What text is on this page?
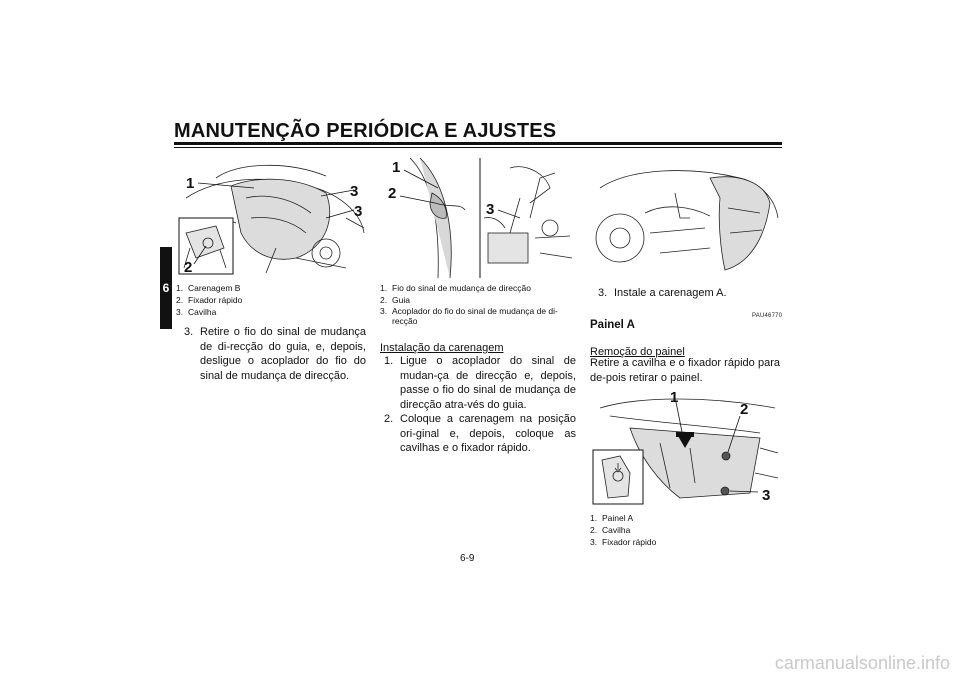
MANUTENÇÃO PERIÓDICA E AJUSTES
6
1	3
3
2
1. Carenagem B
2. Fixador rápido
3. Cavilha
3. Retire o fio do sinal de mudança de di-recção do guia, e, depois, desligue o acoplador do fio do sinal de mudança de direcção.
1
2
3
1. Fio do sinal de mudança de direcção
2. Guia
3. Acoplador do fio do sinal de mudança de di-recção
Instalação da carenagem
1. Ligue o acoplador do sinal de mudan-ça de direcção e, depois, passe o fio do sinal de mudança de direcção atra-vés do guia.
2. Coloque a carenagem na posição ori-ginal e, depois, coloque as cavilhas e o fixador rápido.
3. Instale a carenagem A.
PAU46770
Painel A
Remoção do painel
Retire a cavilha e o fixador rápido para de-pois retirar o painel.
1
2
3
1. Painel A
2. Cavilha
3. Fixador rápido
6-9
carmanualsonline.info
